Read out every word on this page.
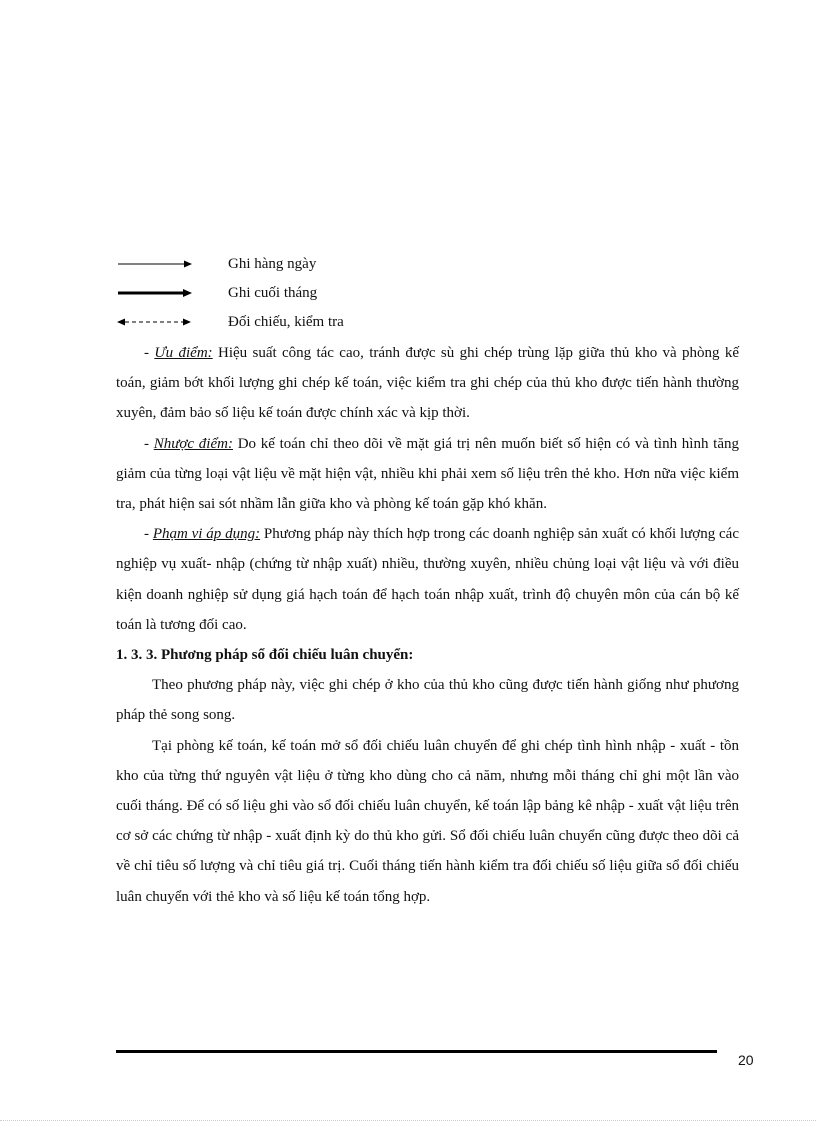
Ghi hàng ngày
Ghi cuối tháng
Đối chiếu, kiểm tra

- Ưu điểm: Hiệu suất công tác cao, tránh được sù ghi chép trùng lặp giữa thủ kho và phòng kế toán, giảm bớt khối lượng ghi chép kế toán, việc kiểm tra ghi chép của thủ kho được tiến hành thường xuyên, đảm bảo số liệu kế toán được chính xác và kịp thời.

- Nhược điểm: Do kế toán chỉ theo dõi về mặt giá trị nên muốn biết số hiện có và tình hình tăng giảm của từng loại vật liệu về mặt hiện vật, nhiều khi phải xem số liệu trên thẻ kho. Hơn nữa việc kiểm tra, phát hiện sai sót nhầm lẫn giữa kho và phòng kế toán gặp khó khăn.

- Phạm vi áp dụng: Phương pháp này thích hợp trong các doanh nghiệp sản xuất có khối lượng các nghiệp vụ xuất- nhập (chứng từ nhập xuất) nhiều, thường xuyên, nhiều chủng loại vật liệu và với điều kiện doanh nghiệp sử dụng giá hạch toán để hạch toán nhập xuất, trình độ chuyên môn của cán bộ kế toán là tương đối cao.

1. 3. 3. Phương pháp sổ đối chiếu luân chuyển:

Theo phương pháp này, việc ghi chép ở kho của thủ kho cũng được tiến hành giống như phương pháp thẻ song song.

Tại phòng kế toán, kế toán mở sổ đối chiếu luân chuyển để ghi chép tình hình nhập - xuất - tồn kho của từng thứ nguyên vật liệu ở từng kho dùng cho cả năm, nhưng mỗi tháng chỉ ghi một lần vào cuối tháng. Để có số liệu ghi vào sổ đối chiếu luân chuyển, kế toán lập bảng kê nhập - xuất vật liệu trên cơ sở các chứng từ nhập - xuất định kỳ do thủ kho gửi. Sổ đối chiếu luân chuyển cũng được theo dõi cả về chỉ tiêu số lượng và chỉ tiêu giá trị. Cuối tháng tiến hành kiểm tra đối chiếu số liệu giữa sổ đối chiếu luân chuyển với thẻ kho và số liệu kế toán tổng hợp.

20
